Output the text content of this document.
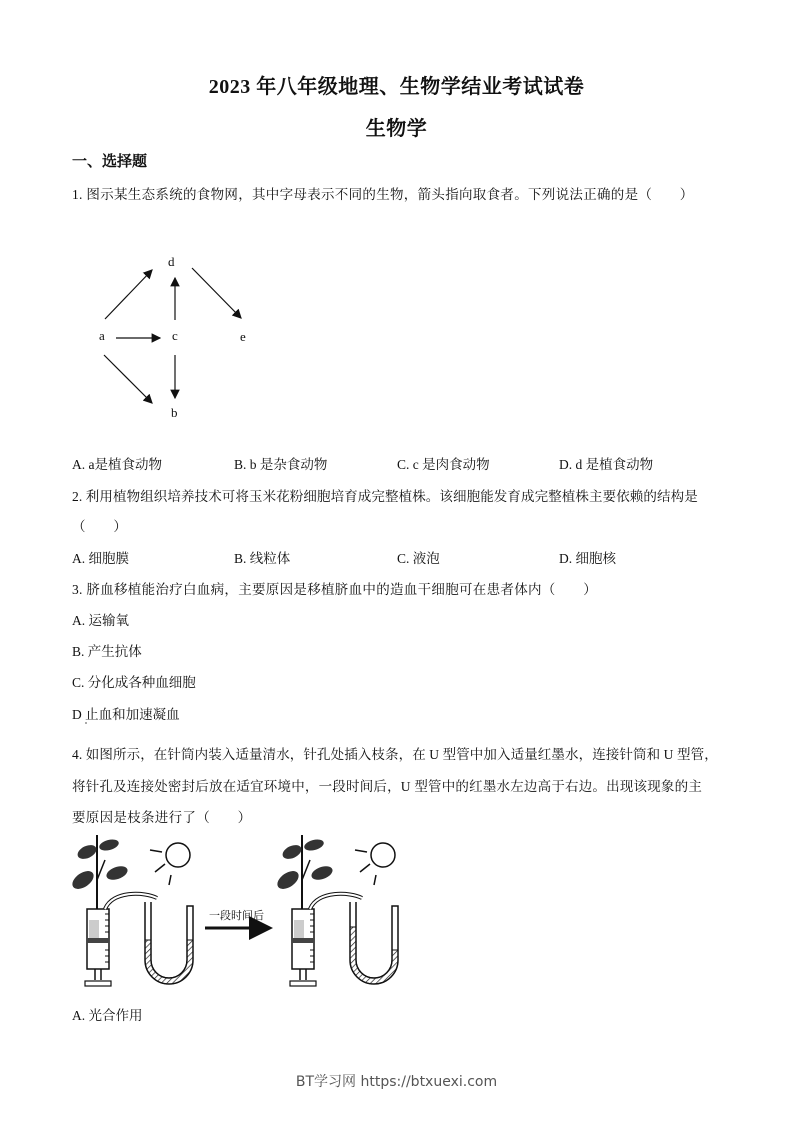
2023 年八年级地理、生物学结业考试试卷
生物学
一、选择题
1. 图示某生态系统的食物网，其中字母表示不同的生物，箭头指向取食者。下列说法正确的是（　　）
d
a	c	e
b
A. a是植食动物	B. b 是杂食动物	C. c 是肉食动物	D. d 是植食动物
2. 利用植物组织培养技术可将玉米花粉细胞培育成完整植株。该细胞能发育成完整植株主要依赖的结构是
（　　）
A. 细胞膜	B. 线粒体	C. 液泡	D. 细胞核
3. 脐血移植能治疗白血病，主要原因是移植脐血中的造血干细胞可在患者体内（　　）
A. 运输氧
B. 产生抗体
C. 分化成各种血细胞
D 止血和加速凝血
4. 如图所示，在针筒内装入适量清水，针孔处插入枝条，在 U 型管中加入适量红墨水，连接针筒和 U 型管，
将针孔及连接处密封后放在适宜环境中，一段时间后，U 型管中的红墨水左边高于右边。出现该现象的主
要原因是枝条进行了（　　）
一段时间后
A. 光合作用
BT学习网 https://btxuexi.com
